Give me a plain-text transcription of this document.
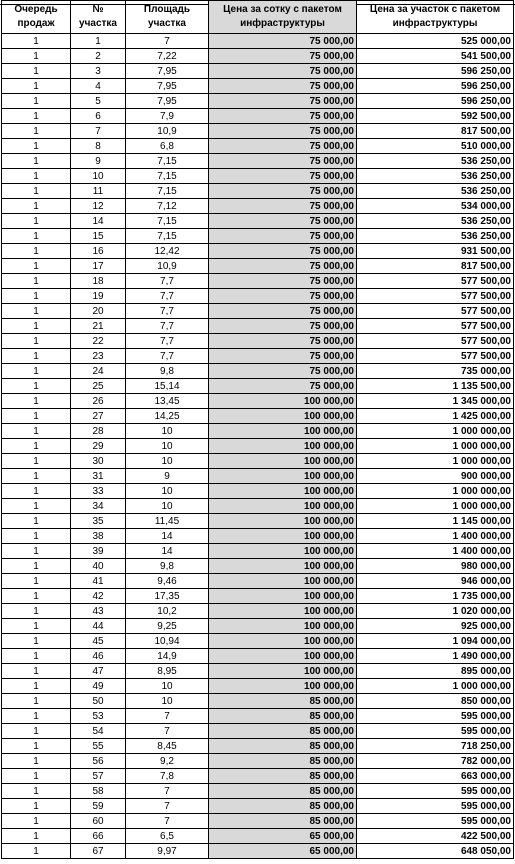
Очередь продаж	№ участка	Площадь участка	Цена за сотку с пакетом инфраструктуры	Цена за участок с пакетом инфраструктуры
1	1	7	75 000,00	525 000,00
1	2	7,22	75 000,00	541 500,00
1	3	7,95	75 000,00	596 250,00
1	4	7,95	75 000,00	596 250,00
1	5	7,95	75 000,00	596 250,00
1	6	7,9	75 000,00	592 500,00
1	7	10,9	75 000,00	817 500,00
1	8	6,8	75 000,00	510 000,00
1	9	7,15	75 000,00	536 250,00
1	10	7,15	75 000,00	536 250,00
1	11	7,15	75 000,00	536 250,00
1	12	7,12	75 000,00	534 000,00
1	14	7,15	75 000,00	536 250,00
1	15	7,15	75 000,00	536 250,00
1	16	12,42	75 000,00	931 500,00
1	17	10,9	75 000,00	817 500,00
1	18	7,7	75 000,00	577 500,00
1	19	7,7	75 000,00	577 500,00
1	20	7,7	75 000,00	577 500,00
1	21	7,7	75 000,00	577 500,00
1	22	7,7	75 000,00	577 500,00
1	23	7,7	75 000,00	577 500,00
1	24	9,8	75 000,00	735 000,00
1	25	15,14	75 000,00	1 135 500,00
1	26	13,45	100 000,00	1 345 000,00
1	27	14,25	100 000,00	1 425 000,00
1	28	10	100 000,00	1 000 000,00
1	29	10	100 000,00	1 000 000,00
1	30	10	100 000,00	1 000 000,00
1	31	9	100 000,00	900 000,00
1	33	10	100 000,00	1 000 000,00
1	34	10	100 000,00	1 000 000,00
1	35	11,45	100 000,00	1 145 000,00
1	38	14	100 000,00	1 400 000,00
1	39	14	100 000,00	1 400 000,00
1	40	9,8	100 000,00	980 000,00
1	41	9,46	100 000,00	946 000,00
1	42	17,35	100 000,00	1 735 000,00
1	43	10,2	100 000,00	1 020 000,00
1	44	9,25	100 000,00	925 000,00
1	45	10,94	100 000,00	1 094 000,00
1	46	14,9	100 000,00	1 490 000,00
1	47	8,95	100 000,00	895 000,00
1	49	10	100 000,00	1 000 000,00
1	50	10	85 000,00	850 000,00
1	53	7	85 000,00	595 000,00
1	54	7	85 000,00	595 000,00
1	55	8,45	85 000,00	718 250,00
1	56	9,2	85 000,00	782 000,00
1	57	7,8	85 000,00	663 000,00
1	58	7	85 000,00	595 000,00
1	59	7	85 000,00	595 000,00
1	60	7	85 000,00	595 000,00
1	66	6,5	65 000,00	422 500,00
1	67	9,97	65 000,00	648 050,00
